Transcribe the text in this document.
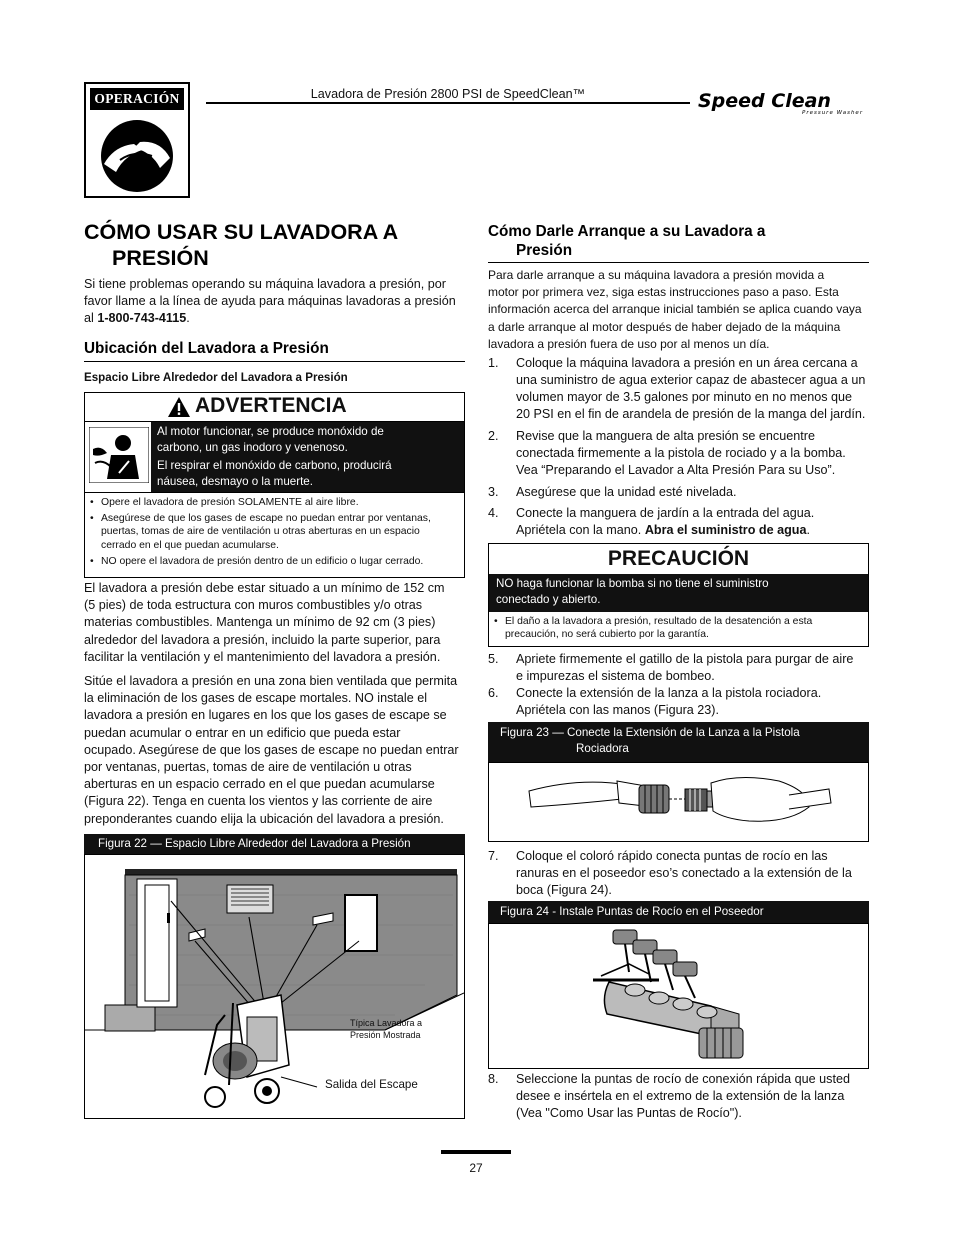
OPERACIÓN	Lavadora de Presión 2800 PSI de SpeedClean™	Speed Clean
Pressure Washer
CÓMO USAR SU LAVADORA A
PRESIÓN
Si tiene problemas operando su máquina lavadora a presión, por
favor llame a la línea de ayuda para máquinas lavadoras a presión
al 1-800-743-4115.
Ubicación del Lavadora a Presión
Espacio Libre Alrededor del Lavadora a Presión
ADVERTENCIA
Al motor funcionar, se produce monóxido de
carbono, un gas inodoro y venenoso.
El respirar el monóxido de carbono, producirá
náusea, desmayo o la muerte.
• Opere el lavadora de presión SOLAMENTE al aire libre.
• Asegúrese de que los gases de escape no puedan entrar por ventanas,
puertas, tomas de aire de ventilación u otras aberturas en un espacio
cerrado en el que puedan acumularse.
• NO opere el lavadora de presión dentro de un edificio o lugar cerrado.
El lavadora a presión debe estar situado a un mínimo de 152 cm
(5 pies) de toda estructura con muros combustibles y/o otras
materias combustibles. Mantenga un mínimo de 92 cm (3 pies)
alrededor del lavadora a presión, incluido la parte superior, para
facilitar la ventilación y el mantenimiento del lavadora a presión.
Sitúe el lavadora a presión en una zona bien ventilada que permita
la eliminación de los gases de escape mortales. NO instale el
lavadora a presión en lugares en los que los gases de escape se
puedan acumular o entrar en un edificio que pueda estar
ocupado. Asegúrese de que los gases de escape no puedan entrar
por ventanas, puertas, tomas de aire de ventilación u otras
aberturas en un espacio cerrado en el que puedan acumularse
(Figura 22). Tenga en cuenta los vientos y las corriente de aire
preponderantes cuando elija la ubicación del lavadora a presión.
Figura 22 — Espacio Libre Alrededor del Lavadora a Presión
Típica Lavadora a
Presión Mostrada
Salida del Escape
Cómo Darle Arranque a su Lavadora a
Presión
Para darle arranque a su máquina lavadora a presión movida a
motor por primera vez, siga estas instrucciones paso a paso. Esta
información acerca del arranque inicial también se aplica cuando vaya
a darle arranque al motor después de haber dejado de la máquina
lavadora a presión fuera de uso por al menos un día.
1. Coloque la máquina lavadora a presión en un área cercana a
una suministro de agua exterior capaz de abastecer agua a un
volumen mayor de 3.5 galones por minuto en no menos que
20 PSI en el fin de arandela de presión de la manga del jardín.
2. Revise que la manguera de alta presión se encuentre
conectada firmemente a la pistola de rociado y a la bomba.
Vea “Preparando el Lavador a Alta Presión Para su Uso”.
3. Asegúrese que la unidad esté nivelada.
4. Conecte la manguera de jardín a la entrada del agua.
Apriétela con la mano. Abra el suministro de agua.
PRECAUCIÓN
NO haga funcionar la bomba si no tiene el suministro
conectado y abierto.
• El daño a la lavadora a presión, resultado de la desatención a esta
precaución, no será cubierto por la garantía.
5. Apriete firmemente el gatillo de la pistola para purgar de aire
e impurezas el sistema de bombeo.
6. Conecte la extensión de la lanza a la pistola rociadora.
Apriétela con las manos (Figura 23).
Figura 23 — Conecte la Extensión de la Lanza a la Pistola
Rociadora
7. Coloque el coloró rápido conecta puntas de rocío en las
ranuras en el poseedor eso’s conectado a la extensión de la
boca (Figura 24).
Figura 24 - Instale Puntas de Rocío en el Poseedor
8. Seleccione la puntas de rocío de conexión rápida que usted
desee e insértela en el extremo de la extensión de la lanza
(Vea "Como Usar las Puntas de Rocío").
27
